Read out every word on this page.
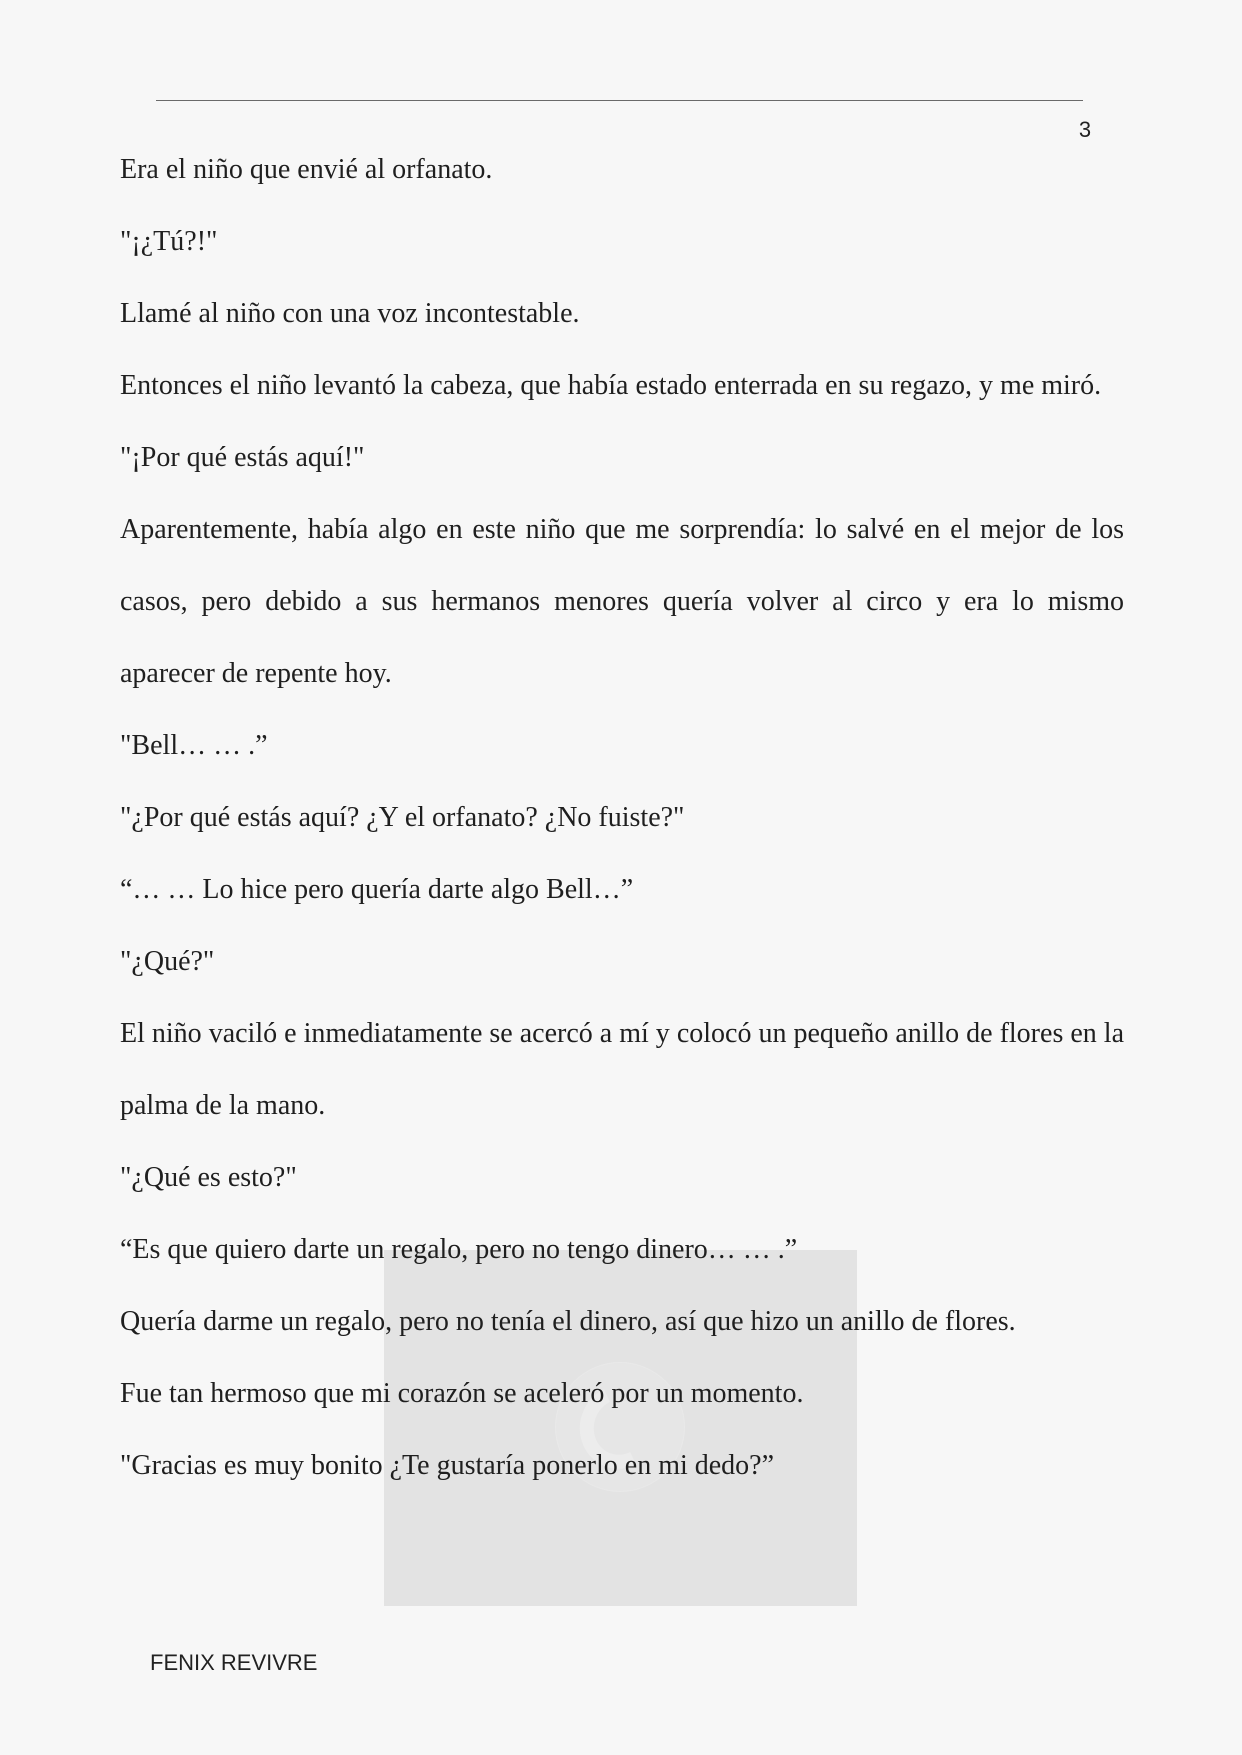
3

Era el niño que envié al orfanato.

"¡¿Tú?!"

Llamé al niño con una voz incontestable.

Entonces el niño levantó la cabeza, que había estado enterrada en su regazo, y me miró.

"¡Por qué estás aquí!"

Aparentemente, había algo en este niño que me sorprendía: lo salvé en el mejor de los casos, pero debido a sus hermanos menores quería volver al circo y era lo mismo aparecer de repente hoy.

"Bell… … .”

"¿Por qué estás aquí? ¿Y el orfanato? ¿No fuiste?"

“… … Lo hice pero quería darte algo Bell…”

"¿Qué?"

El niño vaciló e inmediatamente se acercó a mí y colocó un pequeño anillo de flores en la palma de la mano.

"¿Qué es esto?"

“Es que quiero darte un regalo, pero no tengo dinero… … .”

Quería darme un regalo, pero no tenía el dinero, así que hizo un anillo de flores.

Fue tan hermoso que mi corazón se aceleró por un momento.

"Gracias es muy bonito ¿Te gustaría ponerlo en mi dedo?”

FENIX REVIVRE
